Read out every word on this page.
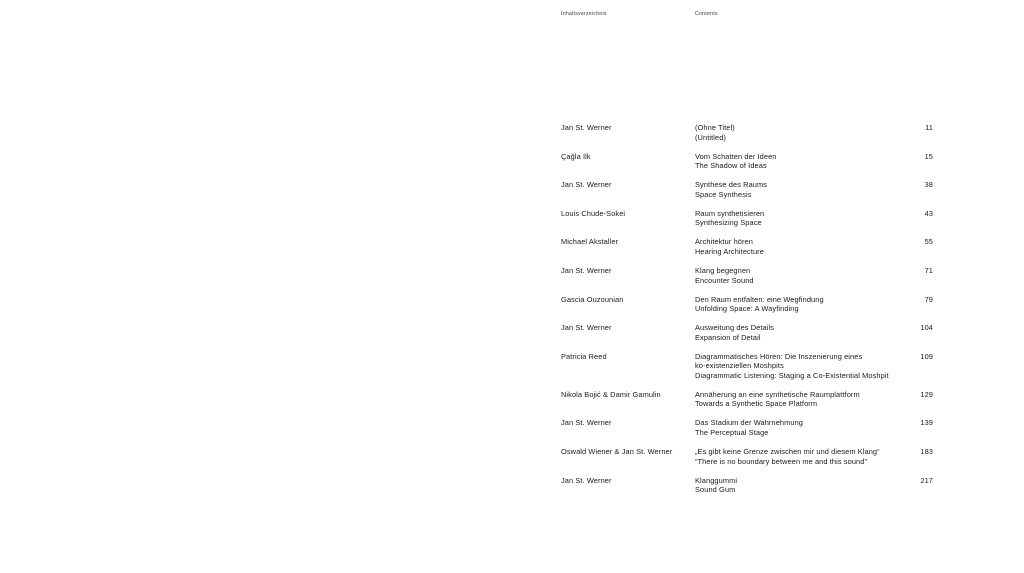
Inhaltsverzeichnis	Contents
Jan St. Werner	(Ohne Titel)
(Untitled)
11
Çağla Ilk	Vom Schatten der Ideen
The Shadow of Ideas
15
Jan St. Werner	Synthese des Raums
Space Synthesis
38
Louis Chude-Sokei	Raum synthetisieren
Synthesizing Space
43
Michael Akstaller	Architektur hören
Hearing Architecture
55
Jan St. Werner	Klang begegnen
Encounter Sound
71
Gascia Ouzounian	Den Raum entfalten: eine Wegfindung
Unfolding Space: A Wayfinding
79
Jan St. Werner	Ausweitung des Details
Expansion of Detail
104
Patricia Reed	Diagrammatisches Hören: Die Inszenierung eines
ko-existenziellen Moshpits
Diagrammatic Listening: Staging a Co-Existential Moshpit
109
Nikola Bojić & Damir Gamulin	Annäherung an eine synthetische Raumplattform
Towards a Synthetic Space Platform
129
Jan St. Werner	Das Stadium der Wahrnehmung
The Perceptual Stage
139
Oswald Wiener & Jan St. Werner	„Es gibt keine Grenze zwischen mir und diesem Klang“
“There is no boundary between me and this sound”
183
Jan St. Werner	Klanggummi
Sound Gum
217
